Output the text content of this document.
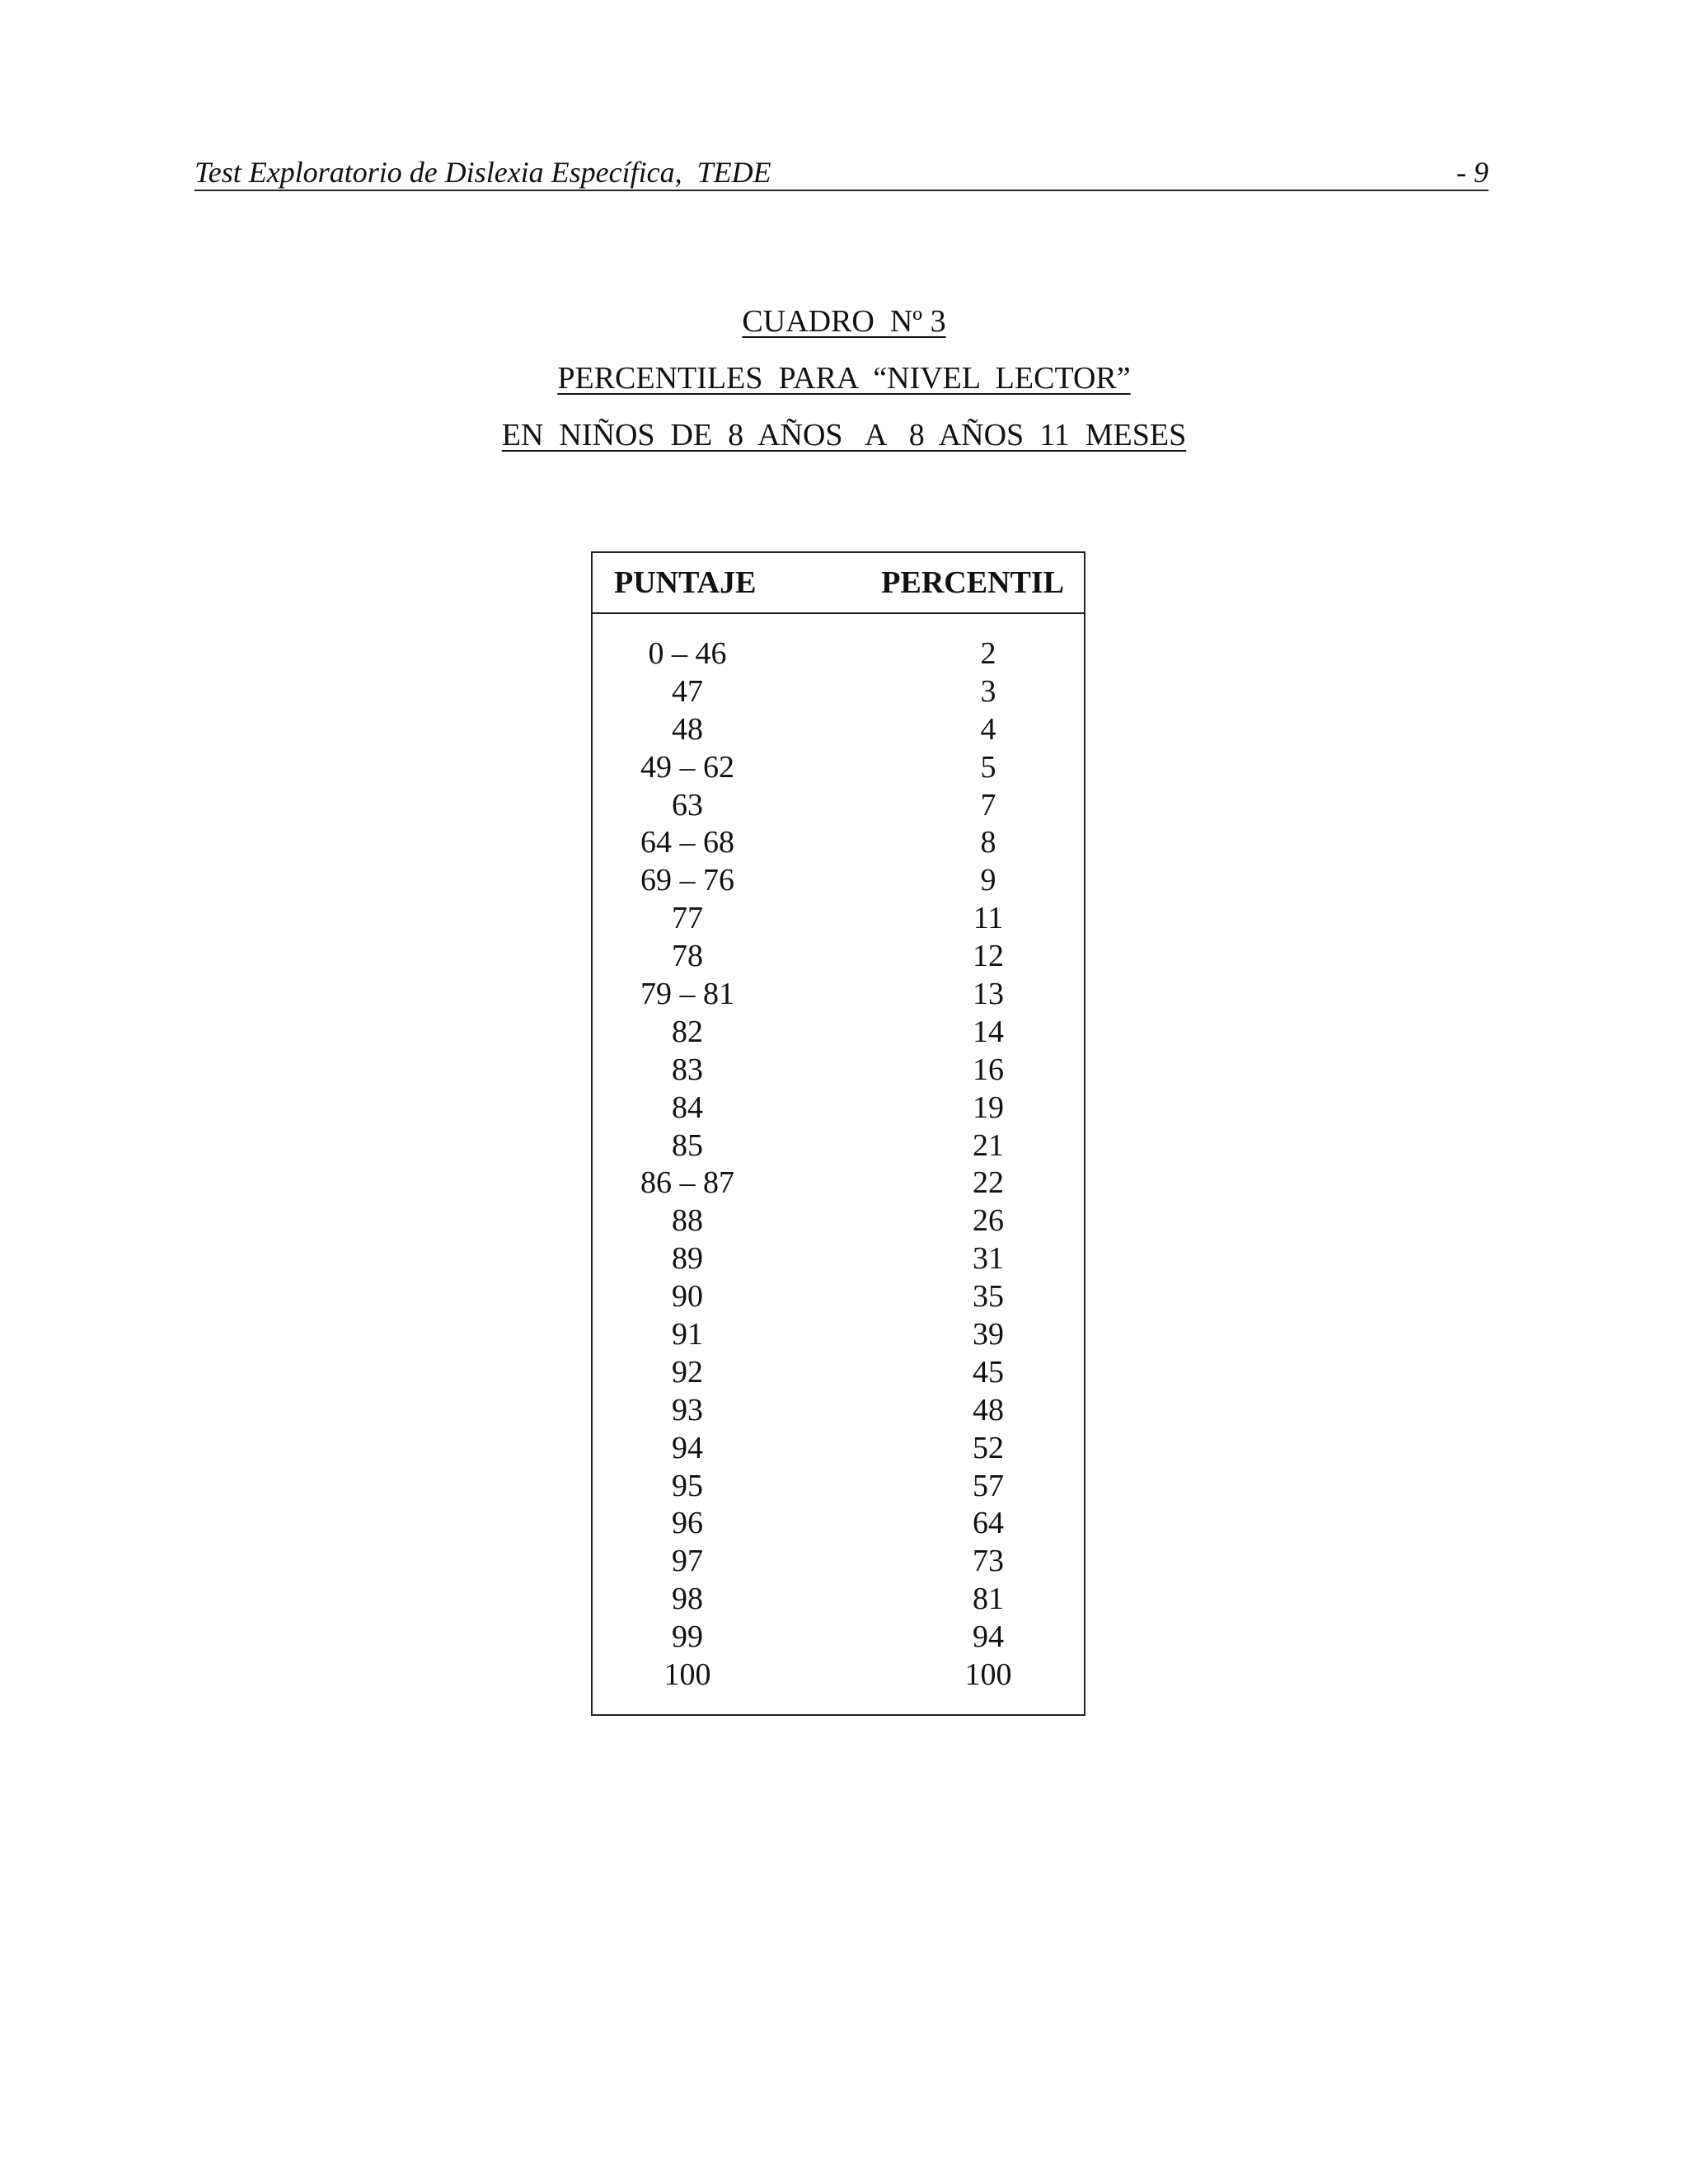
Test Exploratorio de Dislexia Específica,  TEDE	- 9
CUADRO  Nº 3
PERCENTILES  PARA  “NIVEL  LECTOR”
EN  NIÑOS  DE  8  AÑOS   A   8  AÑOS  11  MESES
PUNTAJE	PERCENTIL
0 – 46	2
47	3
48	4
49 – 62	5
63	7
64 – 68	8
69 – 76	9
77	11
78	12
79 – 81	13
82	14
83	16
84	19
85	21
86 – 87	22
88	26
89	31
90	35
91	39
92	45
93	48
94	52
95	57
96	64
97	73
98	81
99	94
100	100
